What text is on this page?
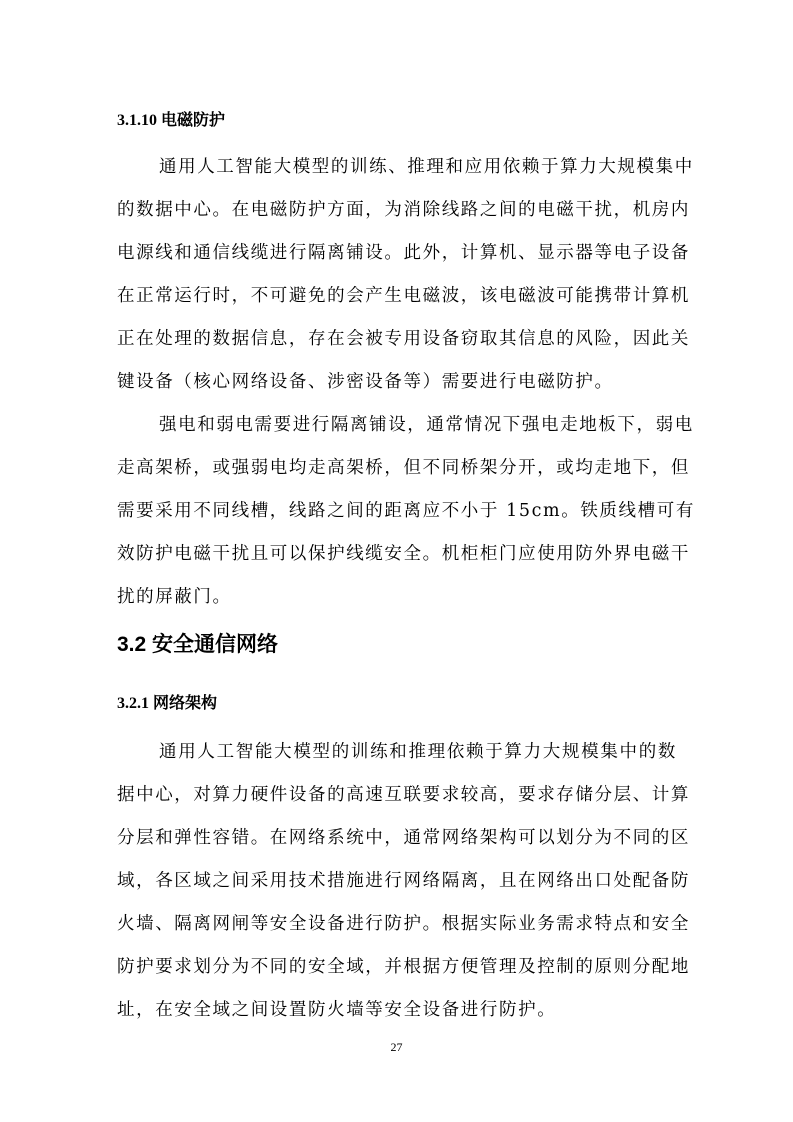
3.1.10 电磁防护
通用人工智能大模型的训练、推理和应用依赖于算力大规模集中
的数据中心。在电磁防护方面，为消除线路之间的电磁干扰，机房内
电源线和通信线缆进行隔离铺设。此外，计算机、显示器等电子设备
在正常运行时，不可避免的会产生电磁波，该电磁波可能携带计算机
正在处理的数据信息，存在会被专用设备窃取其信息的风险，因此关
键设备（核心网络设备、涉密设备等）需要进行电磁防护。
强电和弱电需要进行隔离铺设，通常情况下强电走地板下，弱电
走高架桥，或强弱电均走高架桥，但不同桥架分开，或均走地下，但
需要采用不同线槽，线路之间的距离应不小于 15cm。铁质线槽可有
效防护电磁干扰且可以保护线缆安全。机柜柜门应使用防外界电磁干
扰的屏蔽门。
3.2 安全通信网络
3.2.1 网络架构
通用人工智能大模型的训练和推理依赖于算力大规模集中的数
据中心，对算力硬件设备的高速互联要求较高，要求存储分层、计算
分层和弹性容错。在网络系统中，通常网络架构可以划分为不同的区
域，各区域之间采用技术措施进行网络隔离，且在网络出口处配备防
火墙、隔离网闸等安全设备进行防护。根据实际业务需求特点和安全
防护要求划分为不同的安全域，并根据方便管理及控制的原则分配地
址，在安全域之间设置防火墙等安全设备进行防护。
27
